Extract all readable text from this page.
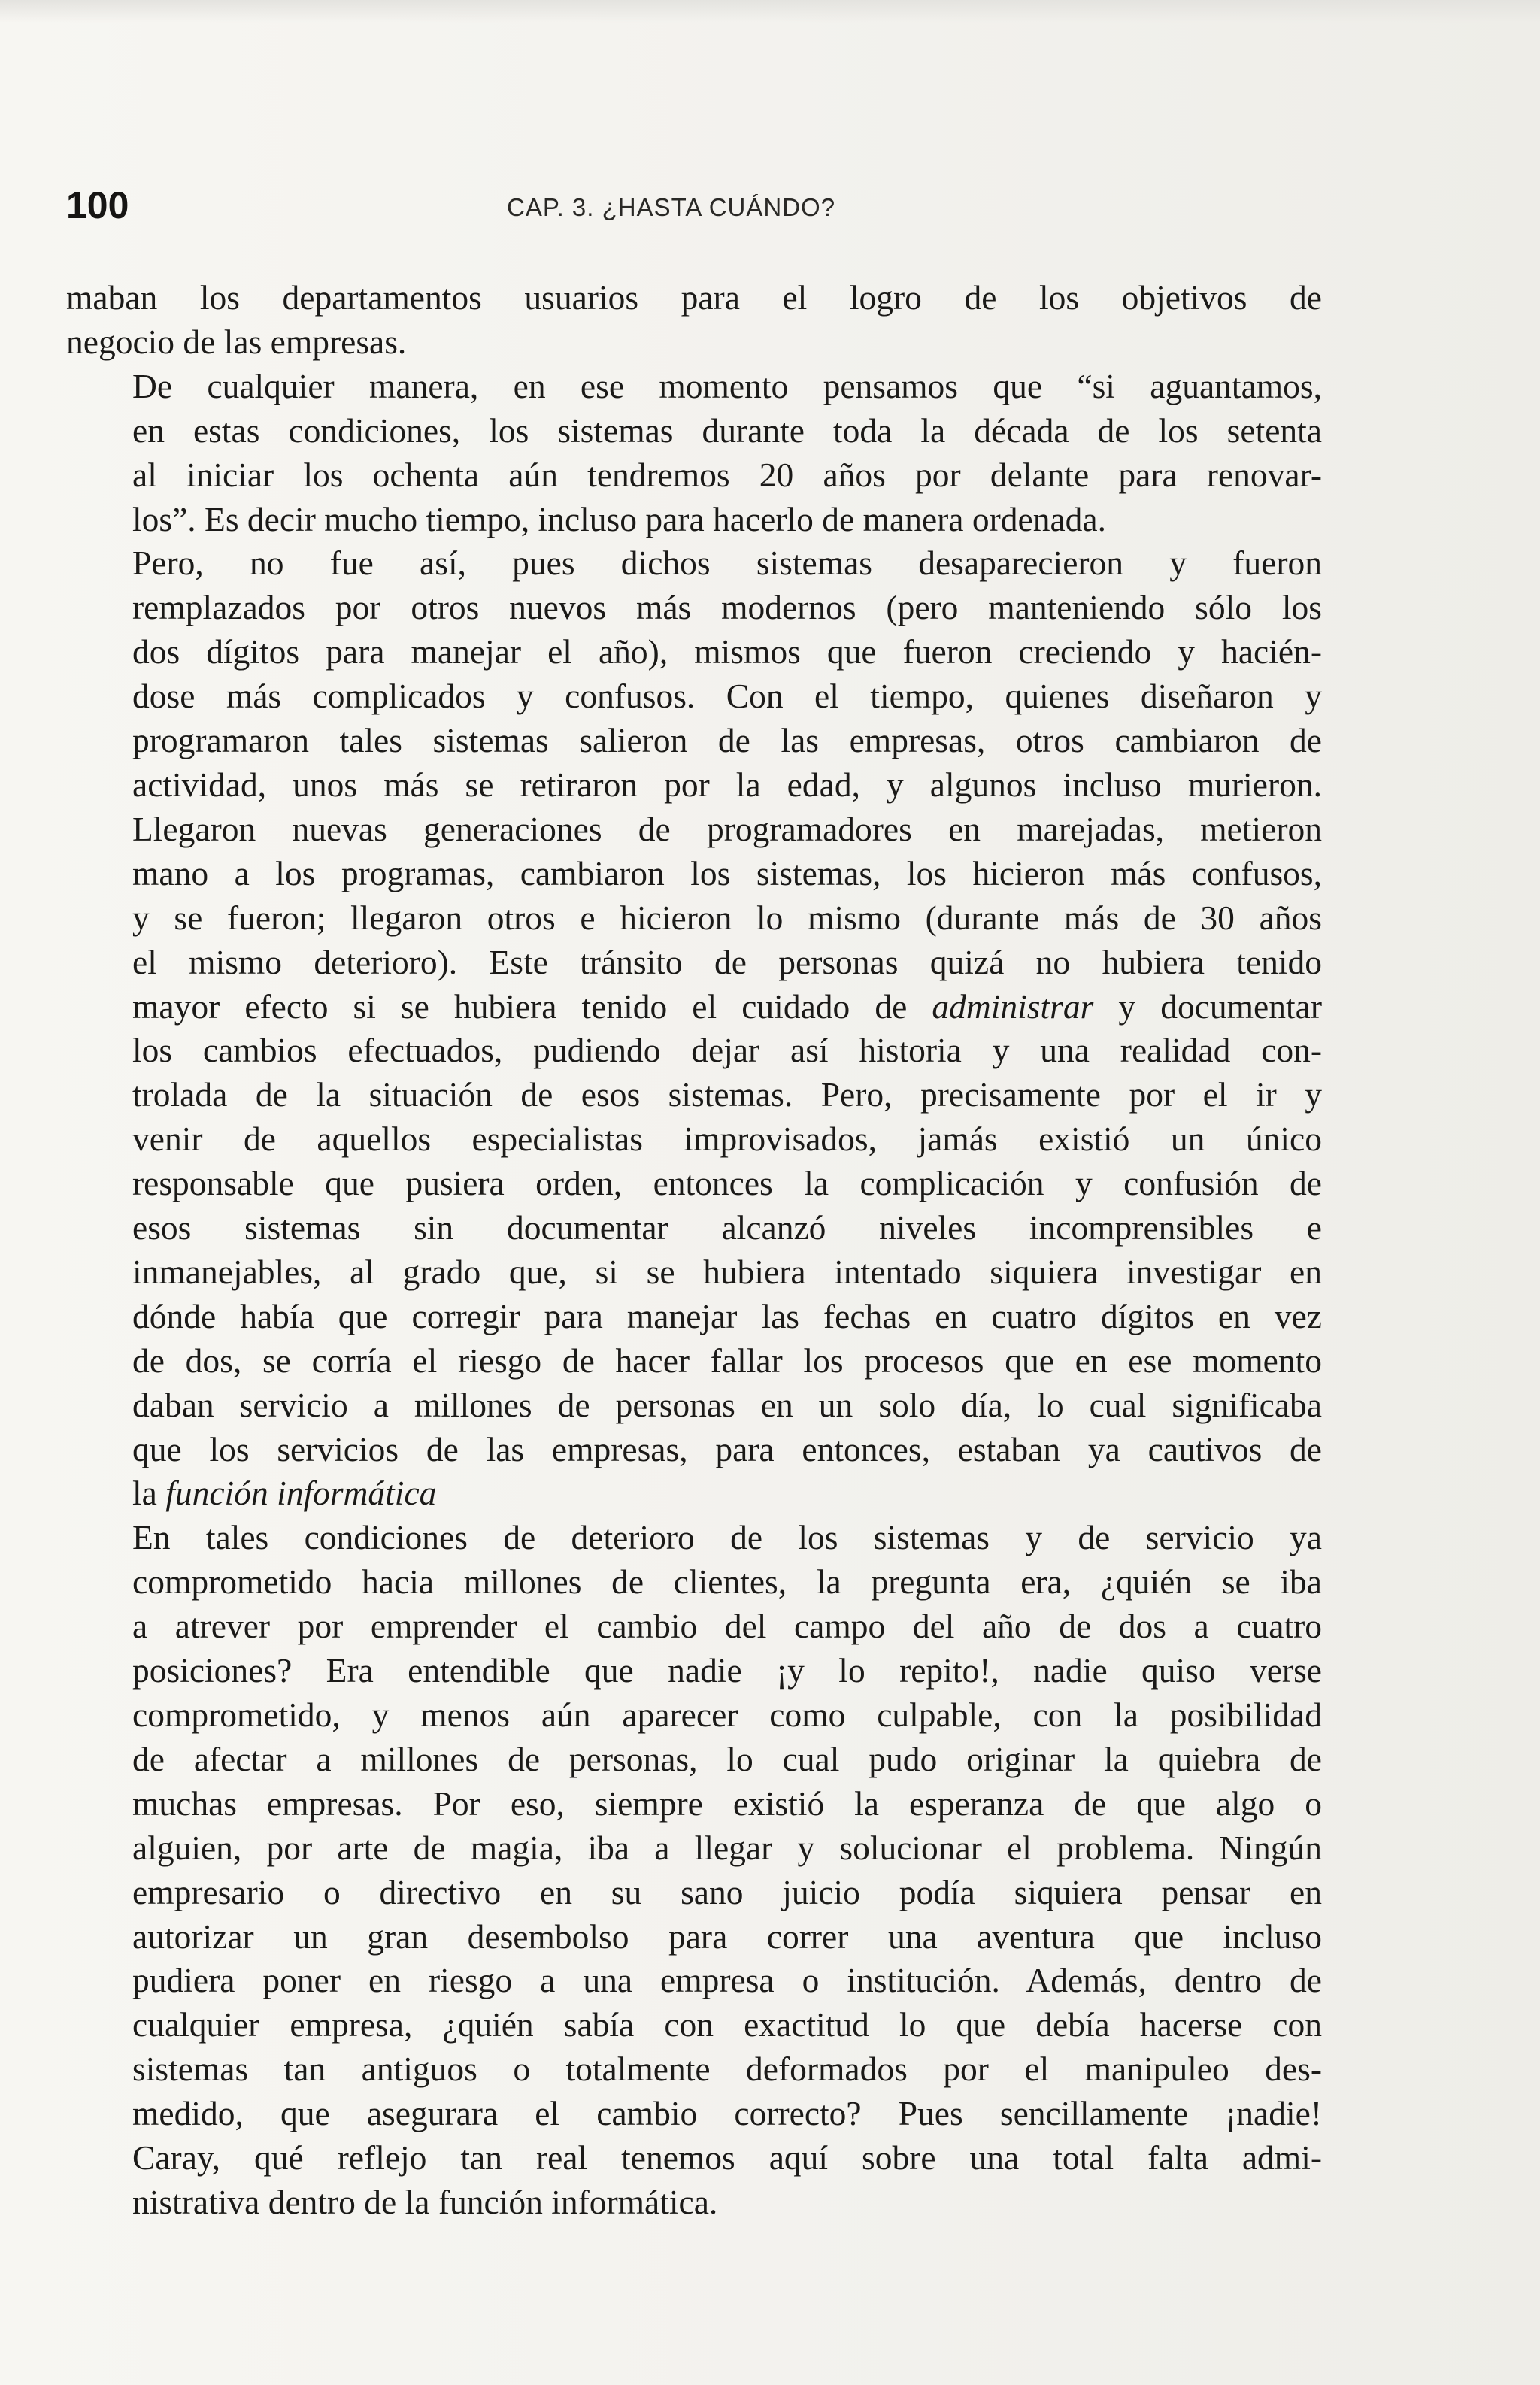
100	CAP. 3. ¿HASTA CUÁNDO?

maban los departamentos usuarios para el logro de los objetivos de
negocio de las empresas.

De cualquier manera, en ese momento pensamos que “si aguantamos,
en estas condiciones, los sistemas durante toda la década de los setenta
al iniciar los ochenta aún tendremos 20 años por delante para renovar-
los”. Es decir mucho tiempo, incluso para hacerlo de manera ordenada.

Pero, no fue así, pues dichos sistemas desaparecieron y fueron
remplazados por otros nuevos más modernos (pero manteniendo sólo los
dos dígitos para manejar el año), mismos que fueron creciendo y hacién-
dose más complicados y confusos. Con el tiempo, quienes diseñaron y
programaron tales sistemas salieron de las empresas, otros cambiaron de
actividad, unos más se retiraron por la edad, y algunos incluso murieron.
Llegaron nuevas generaciones de programadores en marejadas, metieron
mano a los programas, cambiaron los sistemas, los hicieron más confusos,
y se fueron; llegaron otros e hicieron lo mismo (durante más de 30 años
el mismo deterioro). Este tránsito de personas quizá no hubiera tenido
mayor efecto si se hubiera tenido el cuidado de administrar y documentar
los cambios efectuados, pudiendo dejar así historia y una realidad con-
trolada de la situación de esos sistemas. Pero, precisamente por el ir y
venir de aquellos especialistas improvisados, jamás existió un único
responsable que pusiera orden, entonces la complicación y confusión de
esos sistemas sin documentar alcanzó niveles incomprensibles e
inmanejables, al grado que, si se hubiera intentado siquiera investigar en
dónde había que corregir para manejar las fechas en cuatro dígitos en vez
de dos, se corría el riesgo de hacer fallar los procesos que en ese momento
daban servicio a millones de personas en un solo día, lo cual significaba
que los servicios de las empresas, para entonces, estaban ya cautivos de
la función informática

En tales condiciones de deterioro de los sistemas y de servicio ya
comprometido hacia millones de clientes, la pregunta era, ¿quién se iba
a atrever por emprender el cambio del campo del año de dos a cuatro
posiciones? Era entendible que nadie ¡y lo repito!, nadie quiso verse
comprometido, y menos aún aparecer como culpable, con la posibilidad
de afectar a millones de personas, lo cual pudo originar la quiebra de
muchas empresas. Por eso, siempre existió la esperanza de que algo o
alguien, por arte de magia, iba a llegar y solucionar el problema. Ningún
empresario o directivo en su sano juicio podía siquiera pensar en
autorizar un gran desembolso para correr una aventura que incluso
pudiera poner en riesgo a una empresa o institución. Además, dentro de
cualquier empresa, ¿quién sabía con exactitud lo que debía hacerse con
sistemas tan antiguos o totalmente deformados por el manipuleo des-
medido, que asegurara el cambio correcto? Pues sencillamente ¡nadie!
Caray, qué reflejo tan real tenemos aquí sobre una total falta admi-
nistrativa dentro de la función informática.
